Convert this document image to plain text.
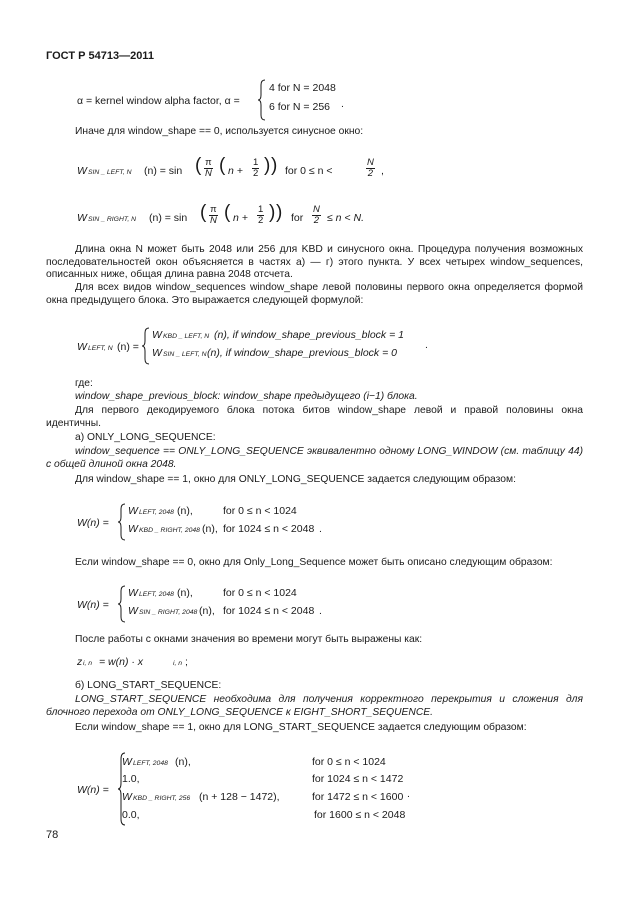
ГОСТ Р 54713—2011
α = kernel window alpha factor, α =
4 for N = 2048
6 for N = 256 .
Иначе для window_shape == 0, используется синусное окно:
W SIN _ LEFT, N (n) = sin ( $\frac{\pi}{N}$ ( $n + \frac{1}{2}$ ) ) for 0 ≤ n <	$\frac{N}{2}$ ,
W SIN _ RIGHT, N (n) = sin ( $\frac{\pi}{N}$ ( $n + \frac{1}{2}$ ) ) for $\frac{N}{2} \le n < N$.
Длина окна N может быть 2048 или 256 для KBD и синусного окна. Процедура получения возможных последовательностей окон объясняется в частях а) — г) этого пункта. У всех четырех window_sequences, описанных ниже, общая длина равна 2048 отсчета.
Для всех видов window_sequences window_shape левой половины первого окна определяется формой окна предыдущего блока. Это выражается следующей формулой:
W LEFT, N (n) =
W KBD _ LEFT, N (n), if window_shape_previous_block = 1
W SIN _ LEFT, N (n), if window_shape_previous_block = 0
.
где:
window_shape_previous_block: window_shape предыдущего (i−1) блока.
Для первого декодируемого блока потока битов window_shape левой и правой половины окна идентичны.
а) ONLY_LONG_SEQUENCE:
window_sequence == ONLY_LONG_SEQUENCE эквивалентно одному LONG_WINDOW (см. таблицу 44) с общей длиной окна 2048.
Для window_shape == 1, окно для ONLY_LONG_SEQUENCE задается следующим образом:
W(n) =
W LEFT, 2048 (n),	for 0 ≤ n < 1024
W KBD _ RIGHT, 2048 (n), for 1024 ≤ n < 2048 .
Если window_shape == 0, окно для Only_Long_Sequence может быть описано следующим образом:
W(n) =
W LEFT, 2048 (n),	for 0 ≤ n < 1024
W SIN _ RIGHT, 2048 (n), for 1024 ≤ n < 2048 .
После работы с окнами значения во времени могут быть выражены как:
z i, n = w(n) · x	i, n ;
б) LONG_START_SEQUENCE:
LONG_START_SEQUENCE необходима для получения корректного перекрытия и сложения для блочного перехода от ONLY_LONG_SEQUENCE к EIGHT_SHORT_SEQUENCE.
Если window_shape == 1, окно для LONG_START_SEQUENCE задается следующим образом:
W(n) =
W LEFT, 2048 (n),	for 0 ≤ n < 1024
1.0,	for 1024 ≤ n < 1472
W KBD _ RIGHT, 256 (n + 128 − 1472),	for 1472 ≤ n < 1600
0.0,	for 1600 ≤ n < 2048
.
78
